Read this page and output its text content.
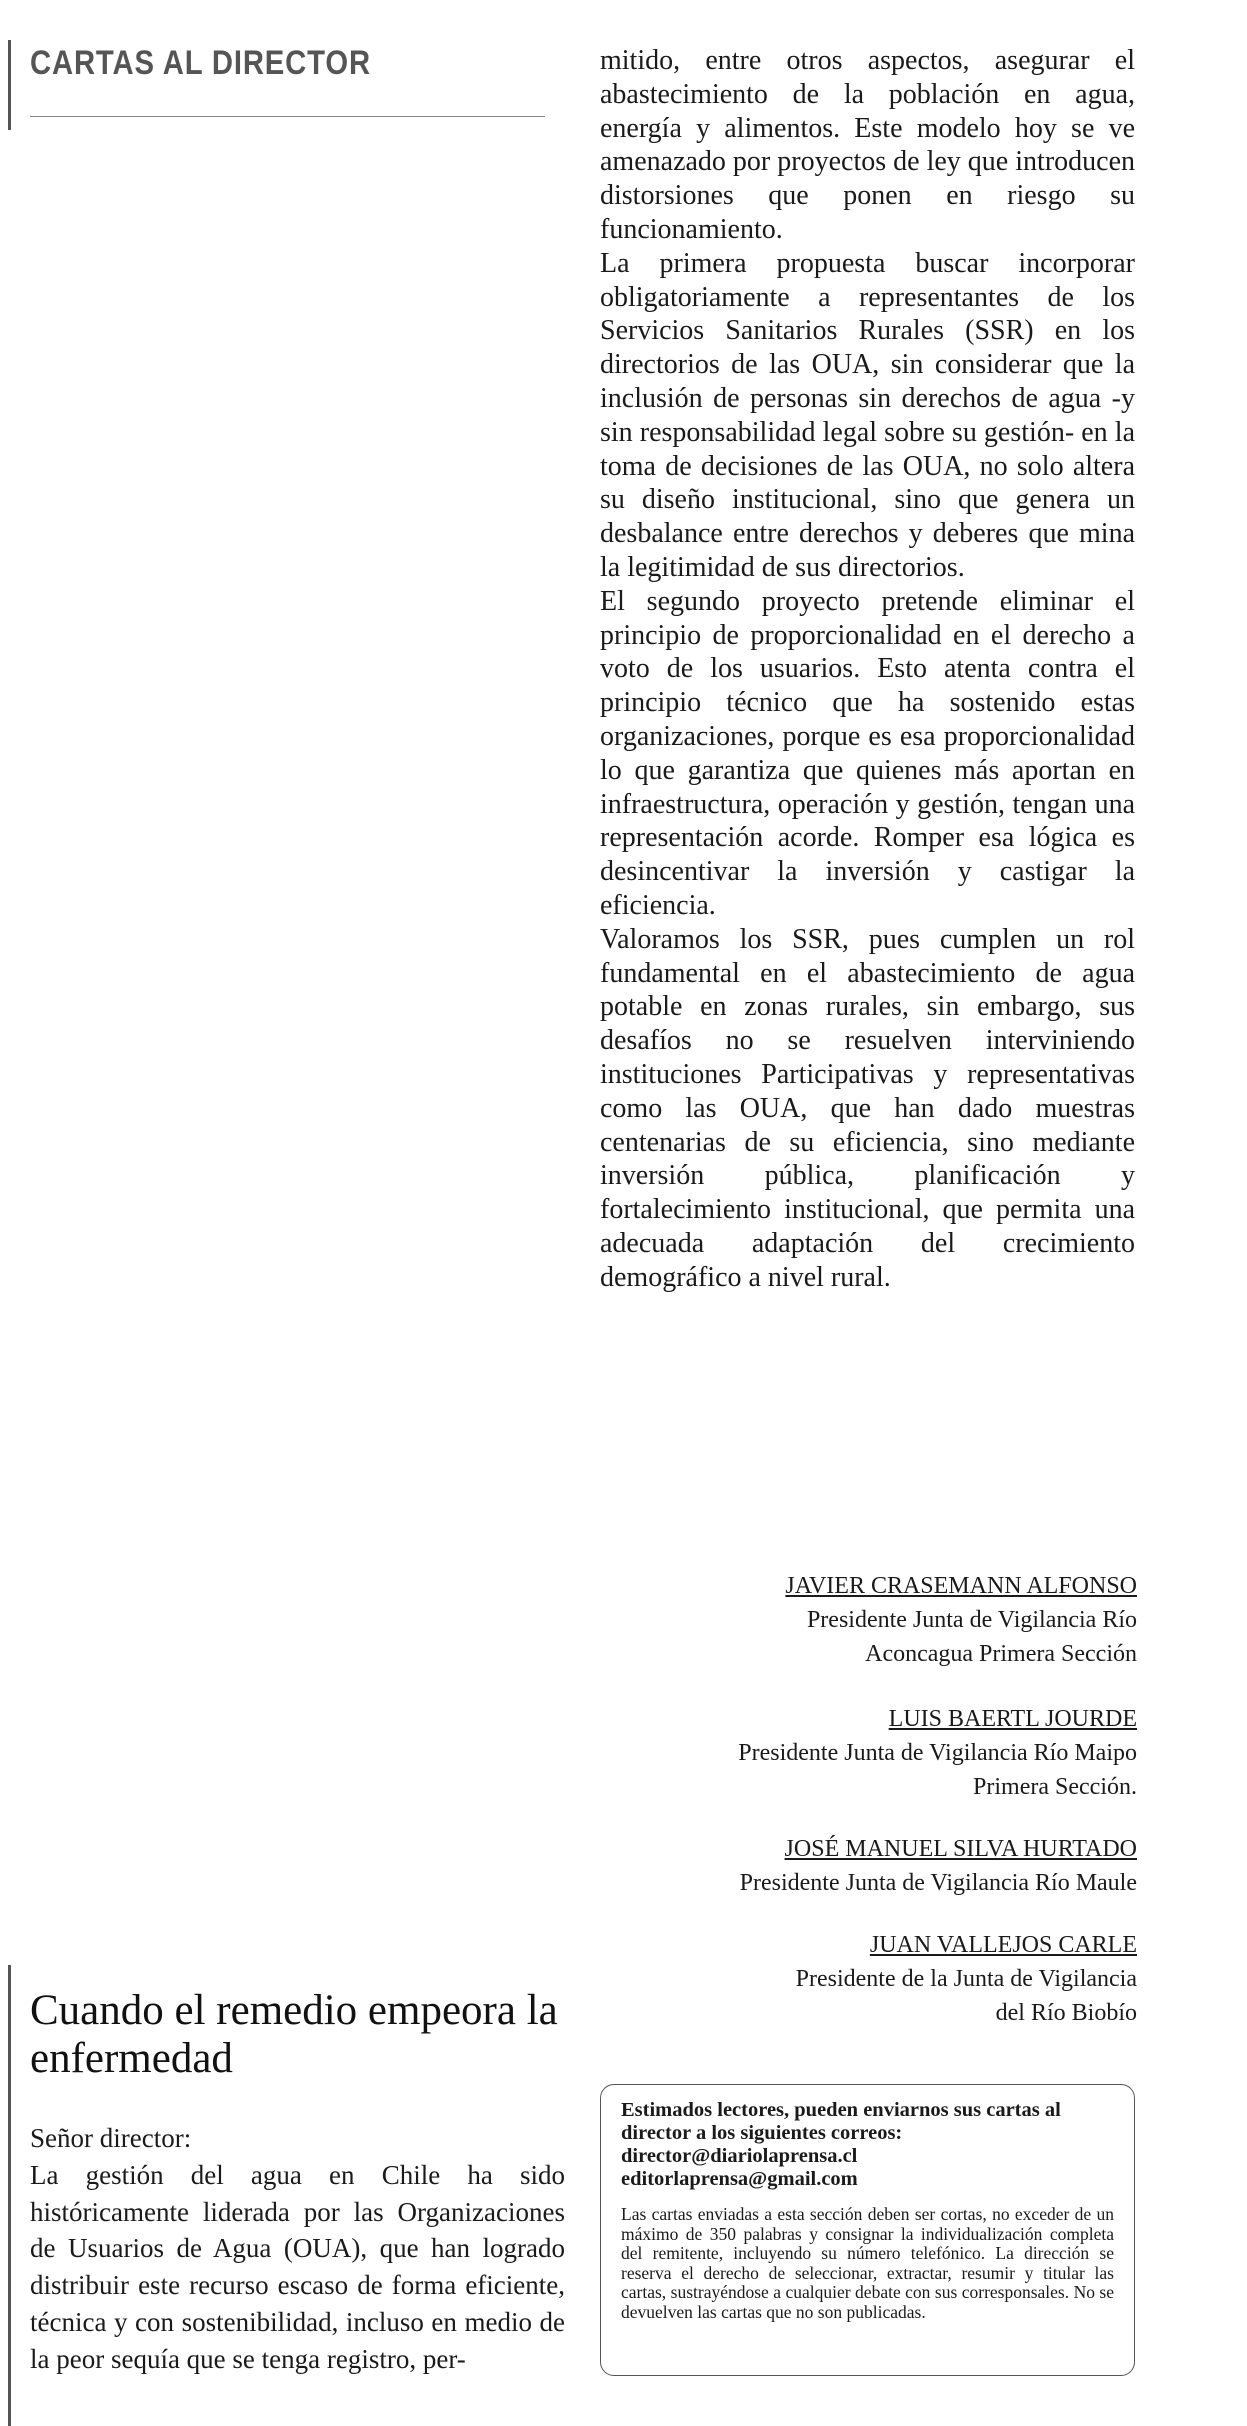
CARTAS AL DIRECTOR
Cuando el remedio empeora la enfermedad
Señor director:

La gestión del agua en Chile ha sido históricamente liderada por las Organizaciones de Usuarios de Agua (OUA), que han logrado distribuir este recurso escaso de forma eficiente, técnica y con sostenibilidad, incluso en medio de la peor sequía que se tenga registro, per-

mitido, entre otros aspectos, asegurar el abastecimiento de la población en agua, energía y alimentos. Este modelo hoy se ve amenazado por proyectos de ley que introducen distorsiones que ponen en riesgo su funcionamiento.

La primera propuesta buscar incorporar obligatoriamente a representantes de los Servicios Sanitarios Rurales (SSR) en los directorios de las OUA, sin considerar que la inclusión de personas sin derechos de agua -y sin responsabilidad legal sobre su gestión- en la toma de decisiones de las OUA, no solo altera su diseño institucional, sino que genera un desbalance entre derechos y deberes que mina la legitimidad de sus directorios.

El segundo proyecto pretende eliminar el principio de proporcionalidad en el derecho a voto de los usuarios. Esto atenta contra el principio técnico que ha sostenido estas organizaciones, porque es esa proporcionalidad lo que garantiza que quienes más aportan en infraestructura, operación y gestión, tengan una representación acorde. Romper esa lógica es desincentivar la inversión y castigar la eficiencia.

Valoramos los SSR, pues cumplen un rol fundamental en el abastecimiento de agua potable en zonas rurales, sin embargo, sus desafíos no se resuelven interviniendo instituciones Participativas y representativas como las OUA, que han dado muestras centenarias de su eficiencia, sino mediante inversión pública, planificación y fortalecimiento institucional, que permita una adecuada adaptación del crecimiento demográfico a nivel rural.

JAVIER CRASEMANN ALFONSO
Presidente Junta de Vigilancia Río
Aconcagua Primera Sección
LUIS BAERTL JOURDE
Presidente Junta de Vigilancia Río Maipo
Primera Sección.
JOSÉ MANUEL SILVA HURTADO
Presidente Junta de Vigilancia Río Maule
JUAN VALLEJOS CARLE
Presidente de la Junta de Vigilancia
del Río Biobío
Estimados lectores, pueden enviarnos sus cartas al
director a los siguientes correos:
director@diariolaprensa.cl
editorlaprensa@gmail.com

Las cartas enviadas a esta sección deben ser cortas, no exceder de un máximo de 350 palabras y consignar la individualización completa del remitente, incluyendo su número telefónico. La dirección se reserva el derecho de seleccionar, extractar, resumir y titular las cartas, sustrayéndose a cualquier debate con sus corresponsales. No se devuelven las cartas que no son publicadas.
